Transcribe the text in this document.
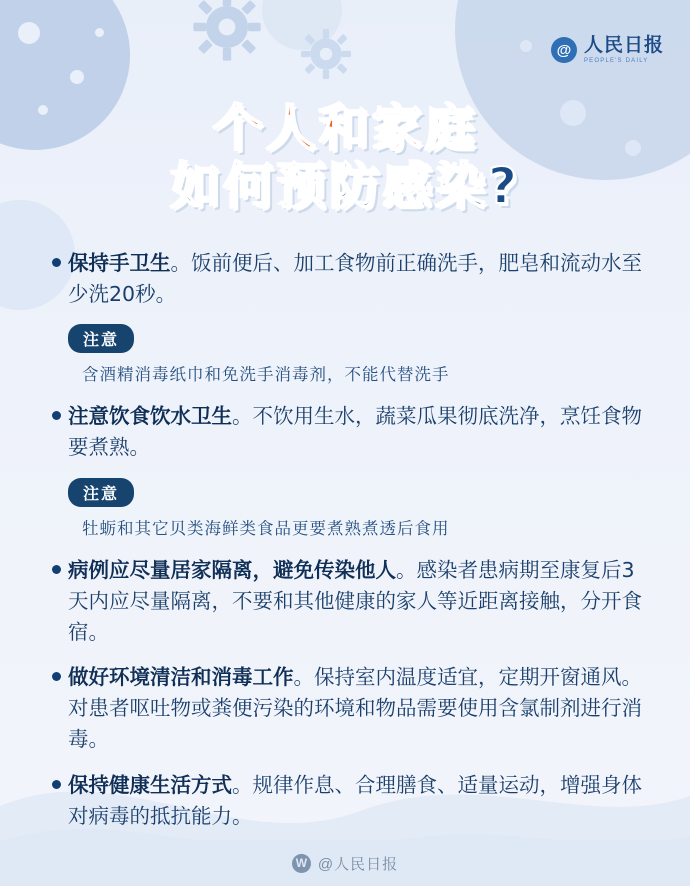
@ 人民日报
PEOPLE'S DAILY
个人和家庭
如何预防感染?
保持手卫生。饭前便后、加工食物前正确洗手，肥皂和流动水至少洗20秒。
注意
含酒精消毒纸巾和免洗手消毒剂，不能代替洗手
注意饮食饮水卫生。不饮用生水，蔬菜瓜果彻底洗净，烹饪食物要煮熟。
注意
牡蛎和其它贝类海鲜类食品更要煮熟煮透后食用
病例应尽量居家隔离，避免传染他人。感染者患病期至康复后3天内应尽量隔离，不要和其他健康的家人等近距离接触，分开食宿。
做好环境清洁和消毒工作。保持室内温度适宜，定期开窗通风。对患者呕吐物或粪便污染的环境和物品需要使用含氯制剂进行消毒。
保持健康生活方式。规律作息、合理膳食、适量运动，增强身体对病毒的抵抗能力。
W @人民日报
